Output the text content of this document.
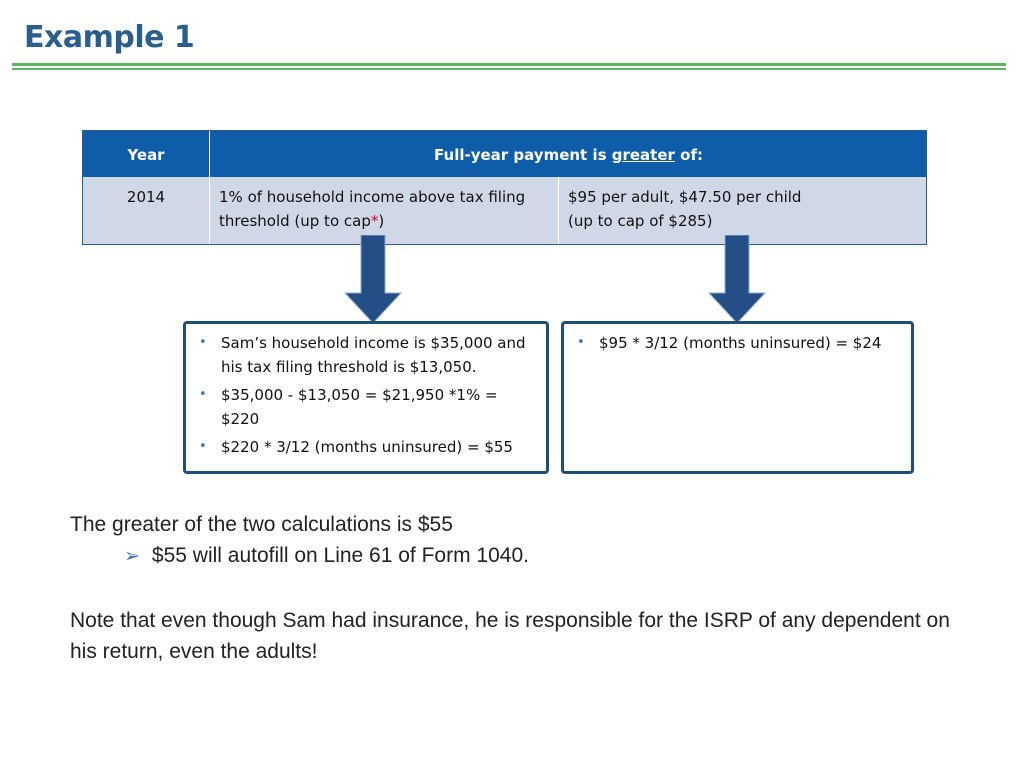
Example 1
Year	Full-year payment is greater of:
2014	1% of household income above tax filing threshold (up to cap*)
$95 per adult, $47.50 per child
(up to cap of $285)
• Sam’s household income is $35,000 and his tax filing threshold is $13,050.
• $35,000 - $13,050 = $21,950 *1% = $220
• $220 * 3/12 (months uninsured) = $55
• $95 * 3/12 (months uninsured) = $24
The greater of the two calculations is $55
➢ $55 will autofill on Line 61 of Form 1040.
Note that even though Sam had insurance, he is responsible for the ISRP of any dependent on his return, even the adults!
